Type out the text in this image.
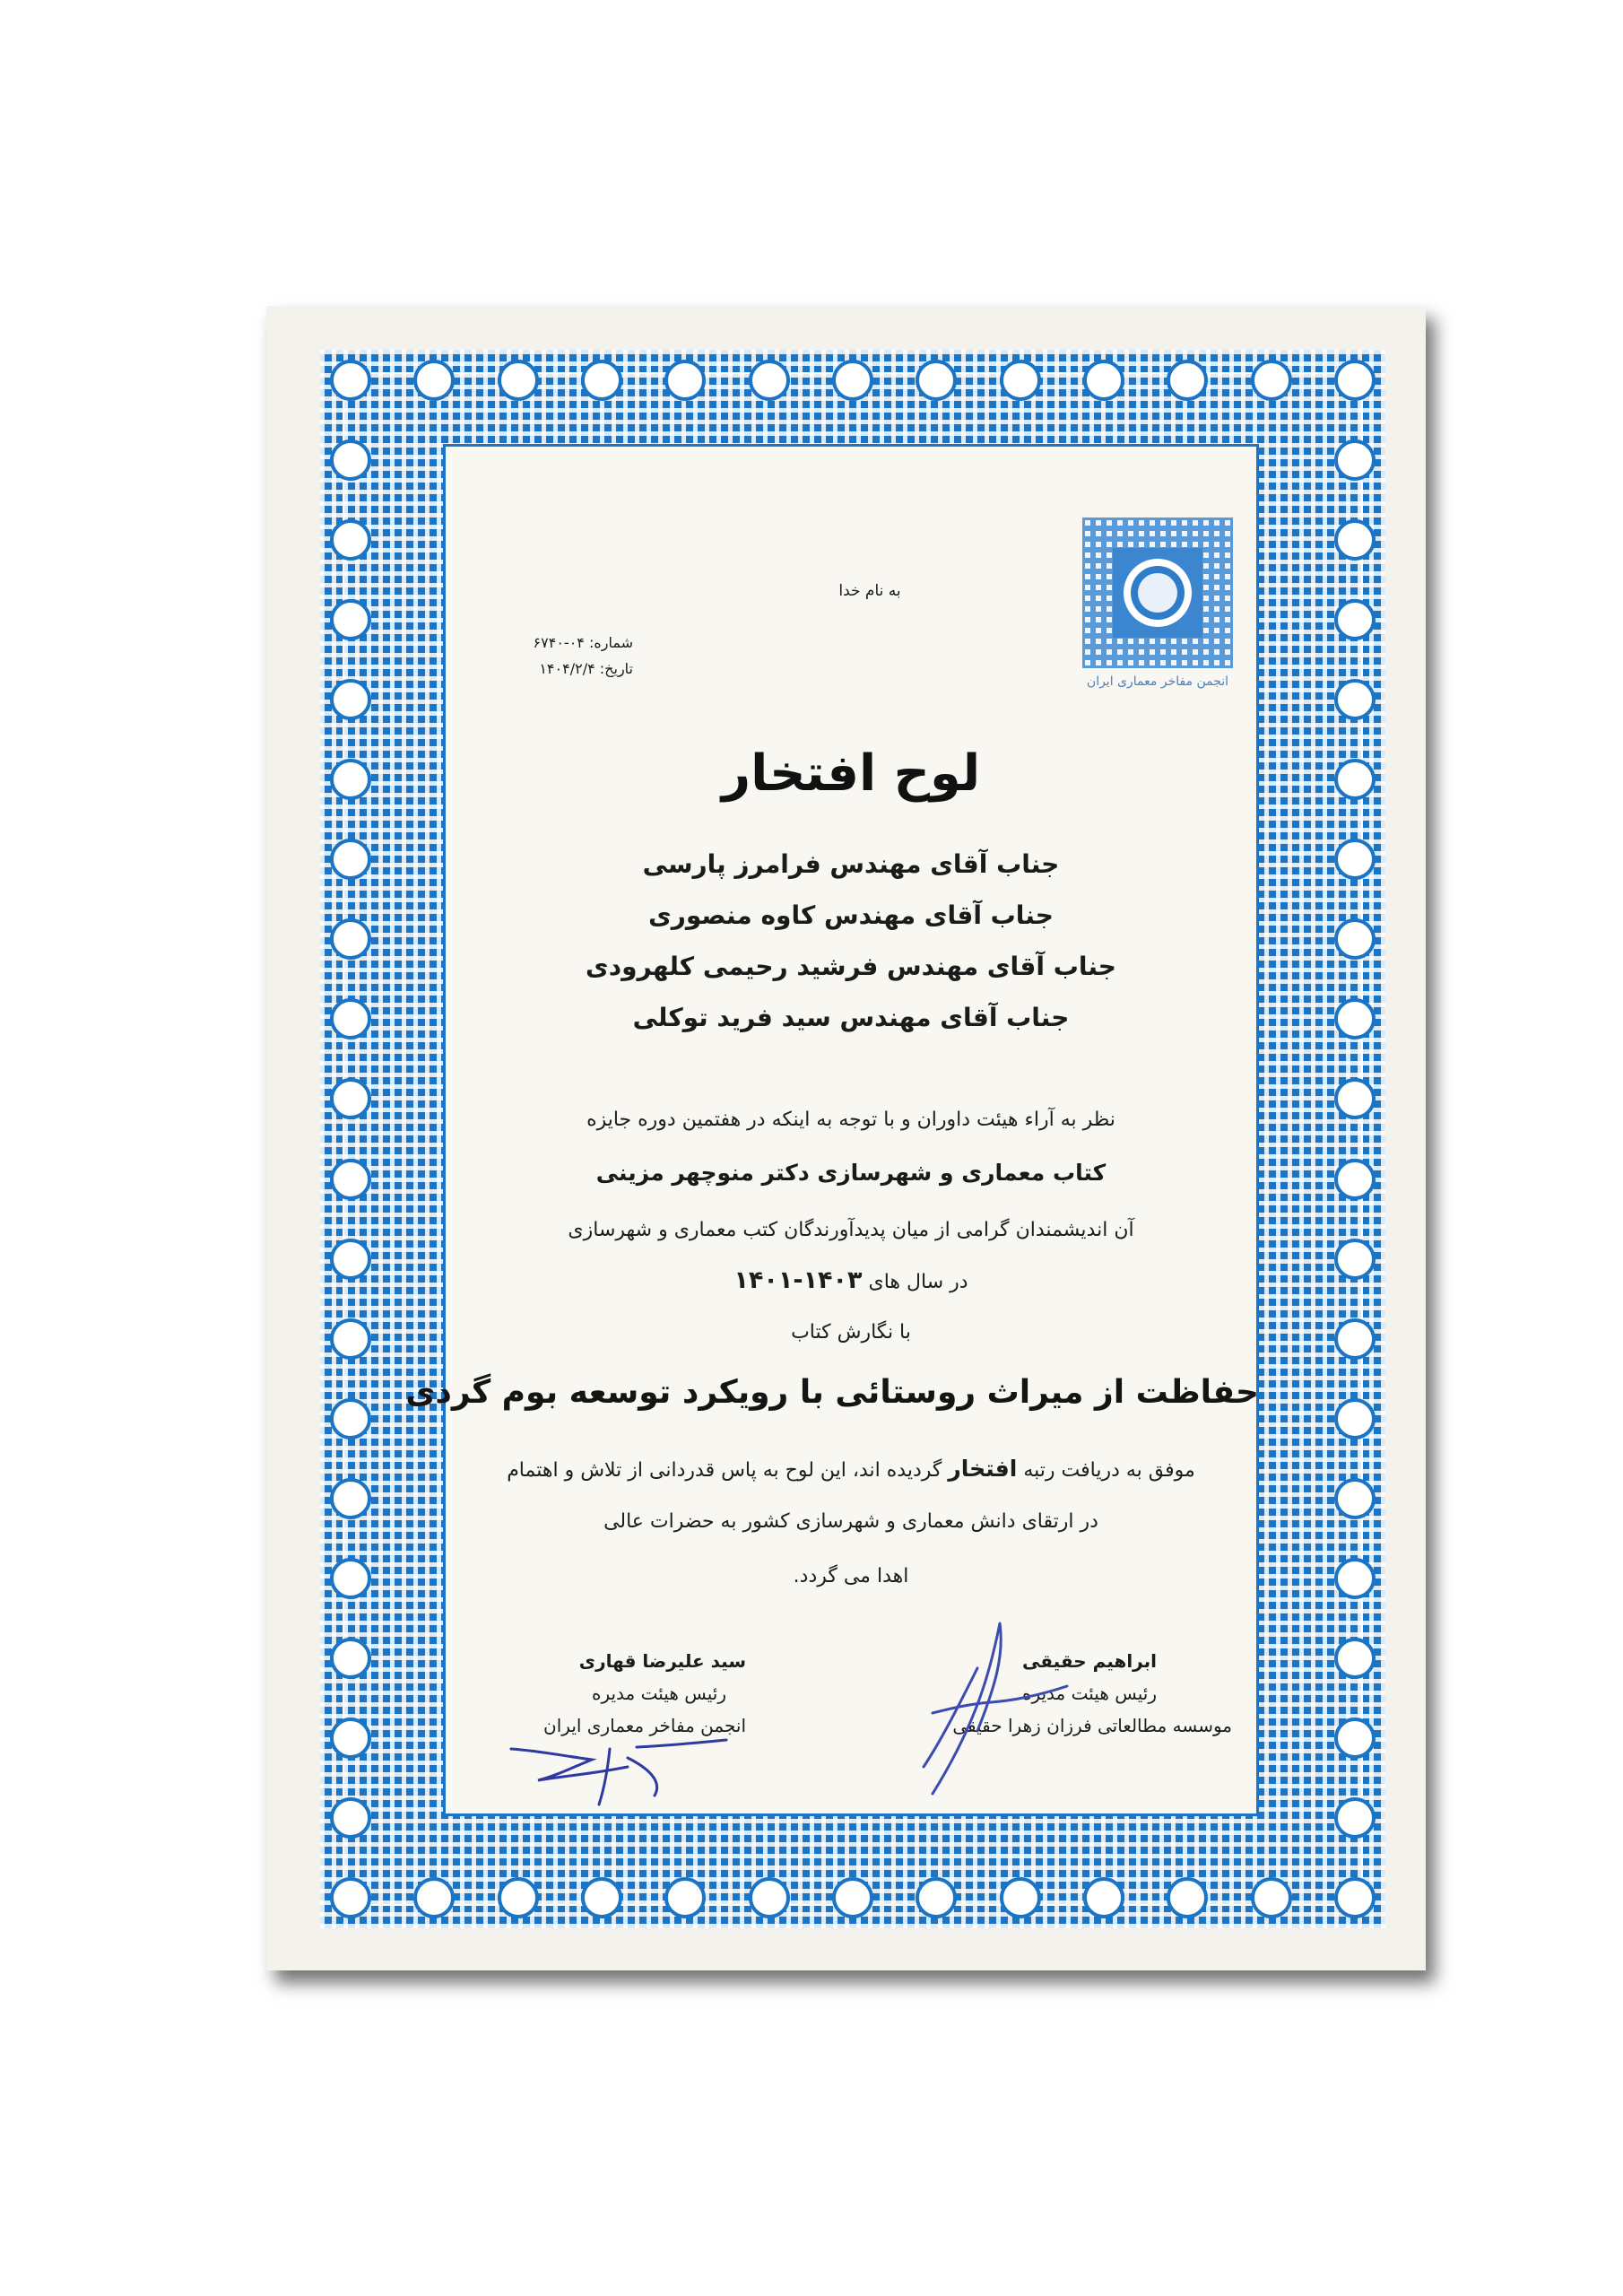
انجمن مفاخر معماری ایران
به نام خدا
شماره: ۰۴-۶۷۴۰
تاریخ: ۱۴۰۴/۲/۴
لوح افتخار
جناب آقای مهندس فرامرز پارسی
جناب آقای مهندس کاوه منصوری
جناب آقای مهندس فرشید رحیمی کلهرودی
جناب آقای مهندس سید فرید توکلی
نظر به آراء هیئت داوران و با توجه به اینکه در هفتمین دوره جایزه
کتاب معماری و شهرسازی دکتر منوچهر مزینی
آن اندیشمندان گرامی از میان پدیدآورندگان کتب معماری و شهرسازی
در سال های ۱۴۰۳-۱۴۰۱
با نگارش کتاب
حفاظت از میراث روستائی با رویکرد توسعه بوم گردی
موفق به دریافت رتبه افتخار گردیده اند، این لوح به پاس قدردانی از تلاش و اهتمام
در ارتقای دانش معماری و شهرسازی کشور به حضرات عالی
اهدا می گردد.
ابراهیم حقیقی
رئیس هیئت مدیره
موسسه مطالعاتی فرزان زهرا حقیقی
سید علیرضا قهاری
رئیس هیئت مدیره
انجمن مفاخر معماری ایران
